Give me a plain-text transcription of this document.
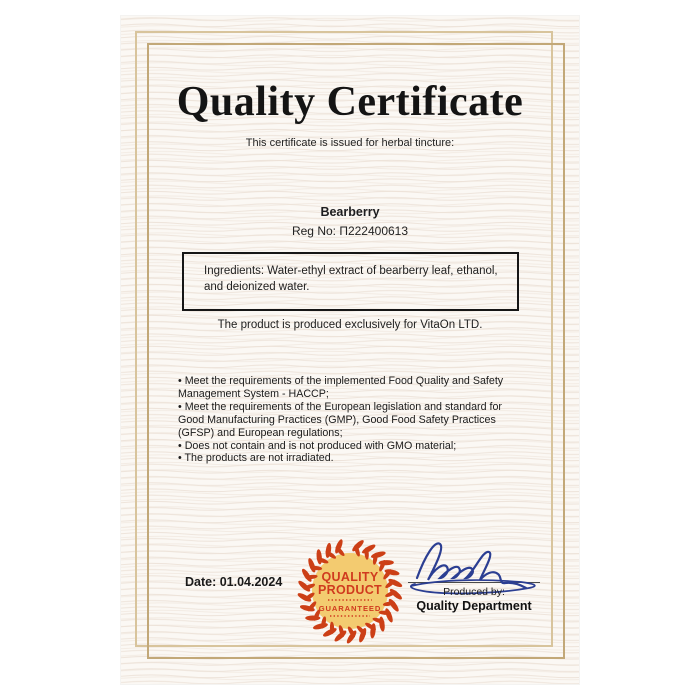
Quality Certificate
This certificate is issued for herbal tincture:
Bearberry
Reg No: П222400613
Ingredients: Water-ethyl extract of bearberry leaf, ethanol, and deionized water.
The product is produced exclusively for VitaOn LTD.

• Meet the requirements of the implemented Food Quality and Safety Management System - HACCP;

• Meet the requirements of the European legislation and standard for Good Manufacturing Practices (GMP), Good Food Safety Practices (GFSP) and European regulations;

• Does not contain and is not produced with GMO material;

• The products are not irradiated.

Date: 01.04.2024	QUALITY
PRODUCT
GUARANTEED
Produced by:
Quality Department
